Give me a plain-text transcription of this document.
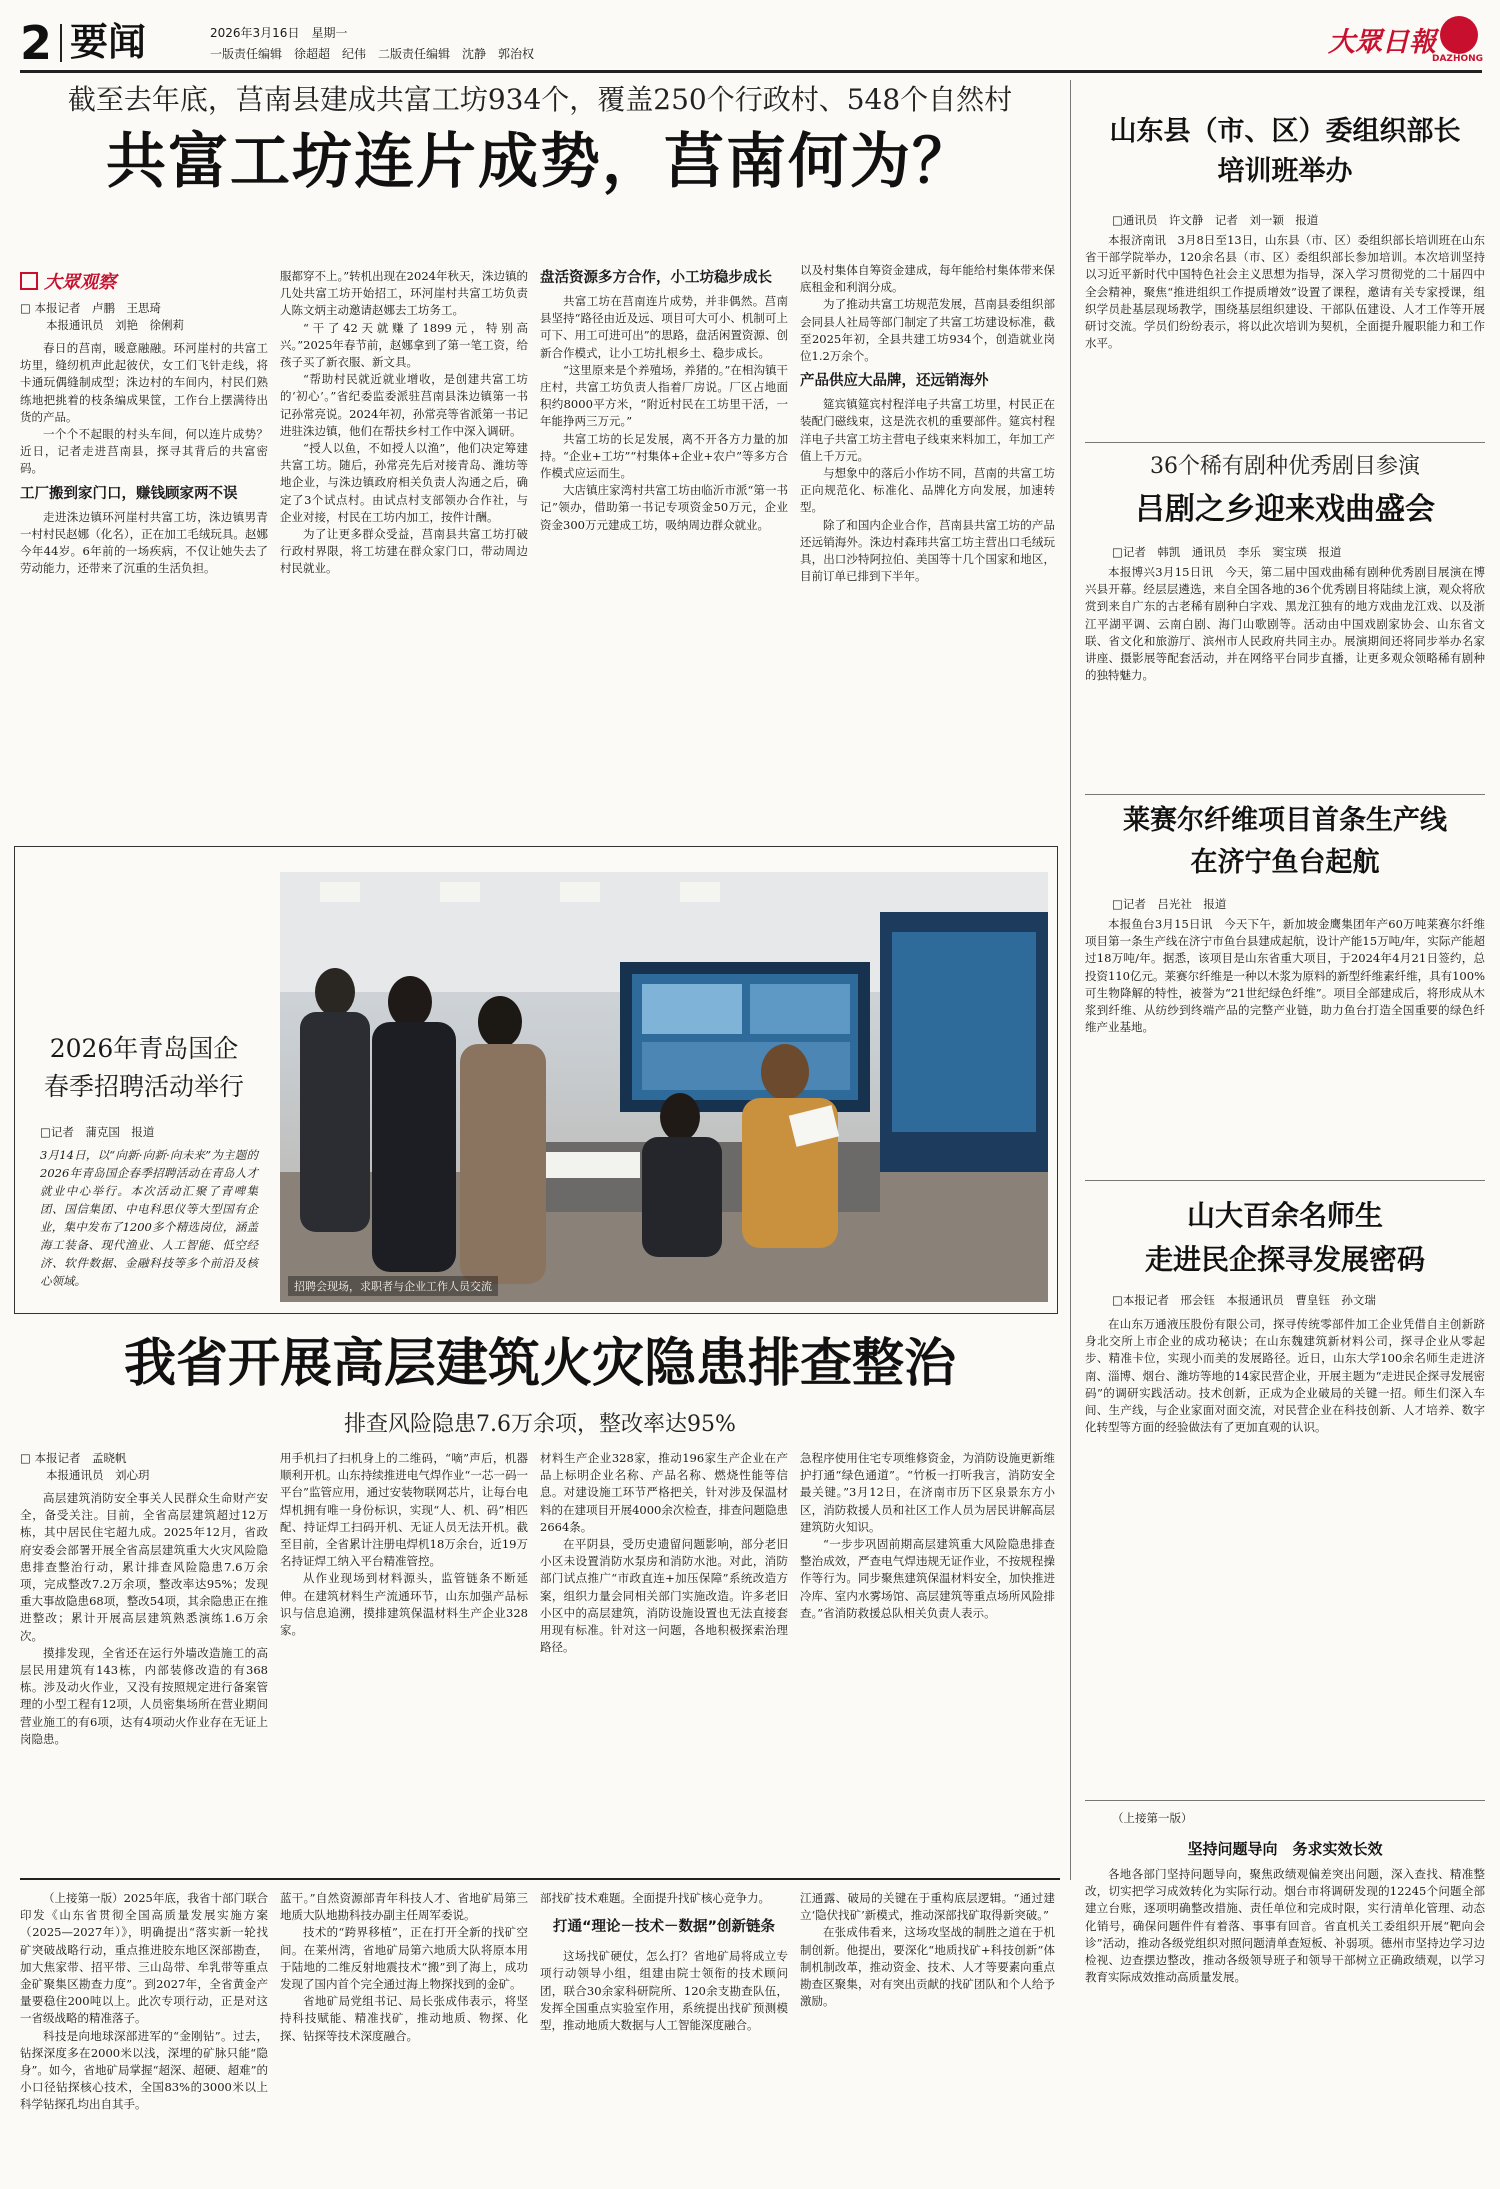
2 要闻	2026年3月16日　星期一
一版责任编辑　徐超超　纪伟　二版责任编辑　沈静　郭治权	大眾日報
DAZHONG
截至去年底，莒南县建成共富工坊934个，覆盖250个行政村、548个自然村
共富工坊连片成势，莒南何为？
大眾观察
□ 本报记者　卢鹏　王思琦
本报通讯员　刘艳　徐俐莉

春日的莒南，暖意融融。环河崖村的共富工坊里，缝纫机声此起彼伏，女工们飞针走线，将卡通玩偶缝制成型；洙边村的车间内，村民们熟练地把挑着的枝条编成果筐，工作台上摆满待出货的产品。

一个个不起眼的村头车间，何以连片成势？近日，记者走进莒南县，探寻其背后的共富密码。

工厂搬到家门口，赚钱顾家两不误

走进洙边镇环河崖村共富工坊，洙边镇男青一村村民赵娜（化名），正在加工毛绒玩具。赵娜今年44岁。6年前的一场疾病，不仅让她失去了劳动能力，还带来了沉重的生活负担。

服都穿不上。”转机出现在2024年秋天，洙边镇的几处共富工坊开始招工，环河崖村共富工坊负责人陈文炳主动邀请赵娜去工坊务工。

“干了42天就赚了1899元，特别高兴。”2025年春节前，赵娜拿到了第一笔工资，给孩子买了新衣服、新文具。

“帮助村民就近就业增收，是创建共富工坊的‘初心’。”省纪委监委派驻莒南县洙边镇第一书记孙常亮说。2024年初，孙常亮等省派第一书记进驻洙边镇，他们在帮扶乡村工作中深入调研。

“授人以鱼，不如授人以渔”，他们决定筹建共富工坊。随后，孙常亮先后对接青岛、潍坊等地企业，与洙边镇政府相关负责人沟通之后，确定了3个试点村。由试点村支部领办合作社，与企业对接，村民在工坊内加工，按件计酬。

为了让更多群众受益，莒南县共富工坊打破行政村界限，将工坊建在群众家门口，带动周边村民就业。

盘活资源多方合作，小工坊稳步成长

共富工坊在莒南连片成势，并非偶然。莒南县坚持“路径由近及远、项目可大可小、机制可上可下、用工可进可出”的思路，盘活闲置资源、创新合作模式，让小工坊扎根乡土、稳步成长。

“这里原来是个养殖场，养猪的。”在相沟镇干庄村，共富工坊负责人指着厂房说。厂区占地面积约8000平方米，“附近村民在工坊里干活，一年能挣两三万元。”

共富工坊的长足发展，离不开各方力量的加持。“企业+工坊”“村集体+企业+农户”等多方合作模式应运而生。

大店镇庄家湾村共富工坊由临沂市派“第一书记”领办，借助第一书记专项资金50万元，企业资金300万元建成工坊，吸纳周边群众就业。

以及村集体自筹资金建成，每年能给村集体带来保底租金和利润分成。

为了推动共富工坊规范发展，莒南县委组织部会同县人社局等部门制定了共富工坊建设标准，截至2025年初，全县共建工坊934个，创造就业岗位1.2万余个。

产品供应大品牌，还远销海外

筵宾镇筵宾村程洋电子共富工坊里，村民正在装配门磁线束，这是洗衣机的重要部件。筵宾村程洋电子共富工坊主营电子线束来料加工，年加工产值上千万元。

与想象中的落后小作坊不同，莒南的共富工坊正向规范化、标准化、品牌化方向发展，加速转型。

除了和国内企业合作，莒南县共富工坊的产品还远销海外。洙边村森玮共富工坊主营出口毛绒玩具，出口沙特阿拉伯、美国等十几个国家和地区，目前订单已排到下半年。

2026年青岛国企
春季招聘活动举行
□记者　蒲克国　报道
3月14日，以“向新·向新·向未来”为主题的2026年青岛国企春季招聘活动在青岛人才就业中心举行。本次活动汇聚了青啤集团、国信集团、中电科思仪等大型国有企业，集中发布了1200多个精选岗位，涵盖海工装备、现代渔业、人工智能、低空经济、软件数据、金融科技等多个前沿及核心领域。	招聘会现场，求职者与企业工作人员交流
我省开展高层建筑火灾隐患排查整治
排查风险隐患7.6万余项，整改率达95%
□ 本报记者　孟晓帆
本报通讯员　刘心玥

高层建筑消防安全事关人民群众生命财产安全，备受关注。目前，全省高层建筑超过12万栋，其中居民住宅超九成。2025年12月，省政府安委会部署开展全省高层建筑重大火灾风险隐患排查整治行动，累计排查风险隐患7.6万余项，完成整改7.2万余项，整改率达95%；发现重大事故隐患68项，整改54项，其余隐患正在推进整改；累计开展高层建筑熟悉演练1.6万余次。

摸排发现，全省还在运行外墙改造施工的高层民用建筑有143栋，内部装修改造的有368栋。涉及动火作业，又没有按照规定进行备案管理的小型工程有12项，人员密集场所在营业期间营业施工的有6项，达有4项动火作业存在无证上岗隐患。

用手机扫了扫机身上的二维码，“嘀”声后，机器顺利开机。山东持续推进电气焊作业“一芯一码一平台”监管应用，通过安装物联网芯片，让每台电焊机拥有唯一身份标识，实现“人、机、码”相匹配、持证焊工扫码开机、无证人员无法开机。截至目前，全省累计注册电焊机18万余台，近19万名持证焊工纳入平台精准管控。

从作业现场到材料源头，监管链条不断延伸。在建筑材料生产流通环节，山东加强产品标识与信息追溯，摸排建筑保温材料生产企业328家。

材料生产企业328家，推动196家生产企业在产品上标明企业名称、产品名称、燃烧性能等信息。对建设施工环节严格把关，针对涉及保温材料的在建项目开展4000余次检查，排查问题隐患2664条。

在平阴县，受历史遗留问题影响，部分老旧小区未设置消防水泵房和消防水池。对此，消防部门试点推广“市政直连+加压保障”系统改造方案，组织力量会同相关部门实施改造。许多老旧小区中的高层建筑，消防设施设置也无法直接套用现有标准。针对这一问题，各地积极探索治理路径。

急程序使用住宅专项维修资金，为消防设施更新维护打通“绿色通道”。“竹板一打听我言，消防安全最关键。”3月12日，在济南市历下区泉景东方小区，消防救援人员和社区工作人员为居民讲解高层建筑防火知识。

“一步步巩固前期高层建筑重大风险隐患排查整治成效，严查电气焊违规无证作业，不按规程操作等行为。同步聚焦建筑保温材料安全，加快推进冷库、室内水雾场馆、高层建筑等重点场所风险排查。”省消防救援总队相关负责人表示。

（上接第一版）2025年底，我省十部门联合印发《山东省贯彻全国高质量发展实施方案（2025—2027年）》，明确提出“落实新一轮找矿突破战略行动，重点推进胶东地区深部勘查，加大焦家带、招平带、三山岛带、牟乳带等重点金矿聚集区勘查力度”。到2027年，全省黄金产量要稳住200吨以上。此次专项行动，正是对这一省级战略的精准落子。

科技是向地球深部进军的“金刚钻”。过去，钻探深度多在2000米以浅，深埋的矿脉只能“隐身”。如今，省地矿局掌握“超深、超硬、超难”的小口径钻探核心技术，全国83%的3000米以上科学钻探孔均出自其手。

蓝干。”自然资源部青年科技人才、省地矿局第三地质大队地勘科技办副主任周军委说。

技术的“跨界移植”，正在打开全新的找矿空间。在莱州湾，省地矿局第六地质大队将原本用于陆地的二维反射地震技术“搬”到了海上，成功发现了国内首个完全通过海上物探找到的金矿。

省地矿局党组书记、局长张成伟表示，将坚持科技赋能、精准找矿，推动地质、物探、化探、钻探等技术深度融合。

部找矿技术难题。全面提升找矿核心竞争力。

打通“理论－技术－数据”创新链条

这场找矿硬仗，怎么打？省地矿局将成立专项行动领导小组，组建由院士领衔的技术顾问团，联合30余家科研院所、120余支勘查队伍，发挥全国重点实验室作用，系统提出找矿预测模型，推动地质大数据与人工智能深度融合。

江通露、破局的关键在于重构底层逻辑。“通过建立‘隐伏找矿’新模式，推动深部找矿取得新突破。”

在张成伟看来，这场攻坚战的制胜之道在于机制创新。他提出，要深化“地质找矿+科技创新”体制机制改革，推动资金、技术、人才等要素向重点勘查区聚集，对有突出贡献的找矿团队和个人给予激励。

山东县（市、区）委组织部长
培训班举办
□通讯员　许文静　记者　刘一颖　报道

本报济南讯　3月8日至13日，山东县（市、区）委组织部长培训班在山东省干部学院举办，120余名县（市、区）委组织部长参加培训。本次培训坚持以习近平新时代中国特色社会主义思想为指导，深入学习贯彻党的二十届四中全会精神，聚焦“推进组织工作提质增效”设置了课程，邀请有关专家授课，组织学员赴基层现场教学，围绕基层组织建设、干部队伍建设、人才工作等开展研讨交流。学员们纷纷表示，将以此次培训为契机，全面提升履职能力和工作水平。

36个稀有剧种优秀剧目参演
吕剧之乡迎来戏曲盛会
□记者　韩凯　通讯员　李乐　窦宝瑛　报道

本报博兴3月15日讯　今天，第二届中国戏曲稀有剧种优秀剧目展演在博兴县开幕。经层层遴选，来自全国各地的36个优秀剧目将陆续上演，观众将欣赏到来自广东的古老稀有剧种白字戏、黑龙江独有的地方戏曲龙江戏、以及浙江平湖平调、云南白剧、海门山歌剧等。活动由中国戏剧家协会、山东省文联、省文化和旅游厅、滨州市人民政府共同主办。展演期间还将同步举办名家讲座、摄影展等配套活动，并在网络平台同步直播，让更多观众领略稀有剧种的独特魅力。

莱赛尔纤维项目首条生产线
在济宁鱼台起航
□记者　吕光社　报道

本报鱼台3月15日讯　今天下午，新加坡金鹰集团年产60万吨莱赛尔纤维项目第一条生产线在济宁市鱼台县建成起航，设计产能15万吨/年，实际产能超过18万吨/年。据悉，该项目是山东省重大项目，于2024年4月21日签约，总投资110亿元。莱赛尔纤维是一种以木浆为原料的新型纤维素纤维，具有100%可生物降解的特性，被誉为“21世纪绿色纤维”。项目全部建成后，将形成从木浆到纤维、从纺纱到终端产品的完整产业链，助力鱼台打造全国重要的绿色纤维产业基地。

山大百余名师生
走进民企探寻发展密码
□本报记者　邢会钰　本报通讯员　曹皇钰　孙文瑞

在山东万通液压股份有限公司，探寻传统零部件加工企业凭借自主创新跻身北交所上市企业的成功秘诀；在山东魏建筑新材料公司，探寻企业从零起步、精准卡位，实现小而美的发展路径。近日，山东大学100余名师生走进济南、淄博、烟台、潍坊等地的14家民营企业，开展主题为“走进民企探寻发展密码”的调研实践活动。技术创新，正成为企业破局的关键一招。师生们深入车间、生产线，与企业家面对面交流，对民营企业在科技创新、人才培养、数字化转型等方面的经验做法有了更加直观的认识。

（上接第一版）
坚持问题导向　务求实效长效

各地各部门坚持问题导向，聚焦政绩观偏差突出问题，深入查找、精准整改，切实把学习成效转化为实际行动。烟台市将调研发现的12245个问题全部建立台账，逐项明确整改措施、责任单位和完成时限，实行清单化管理、动态化销号，确保问题件件有着落、事事有回音。省直机关工委组织开展“靶向会诊”活动，推动各级党组织对照问题清单查短板、补弱项。德州市坚持边学习边检视、边查摆边整改，推动各级领导班子和领导干部树立正确政绩观，以学习教育实际成效推动高质量发展。
